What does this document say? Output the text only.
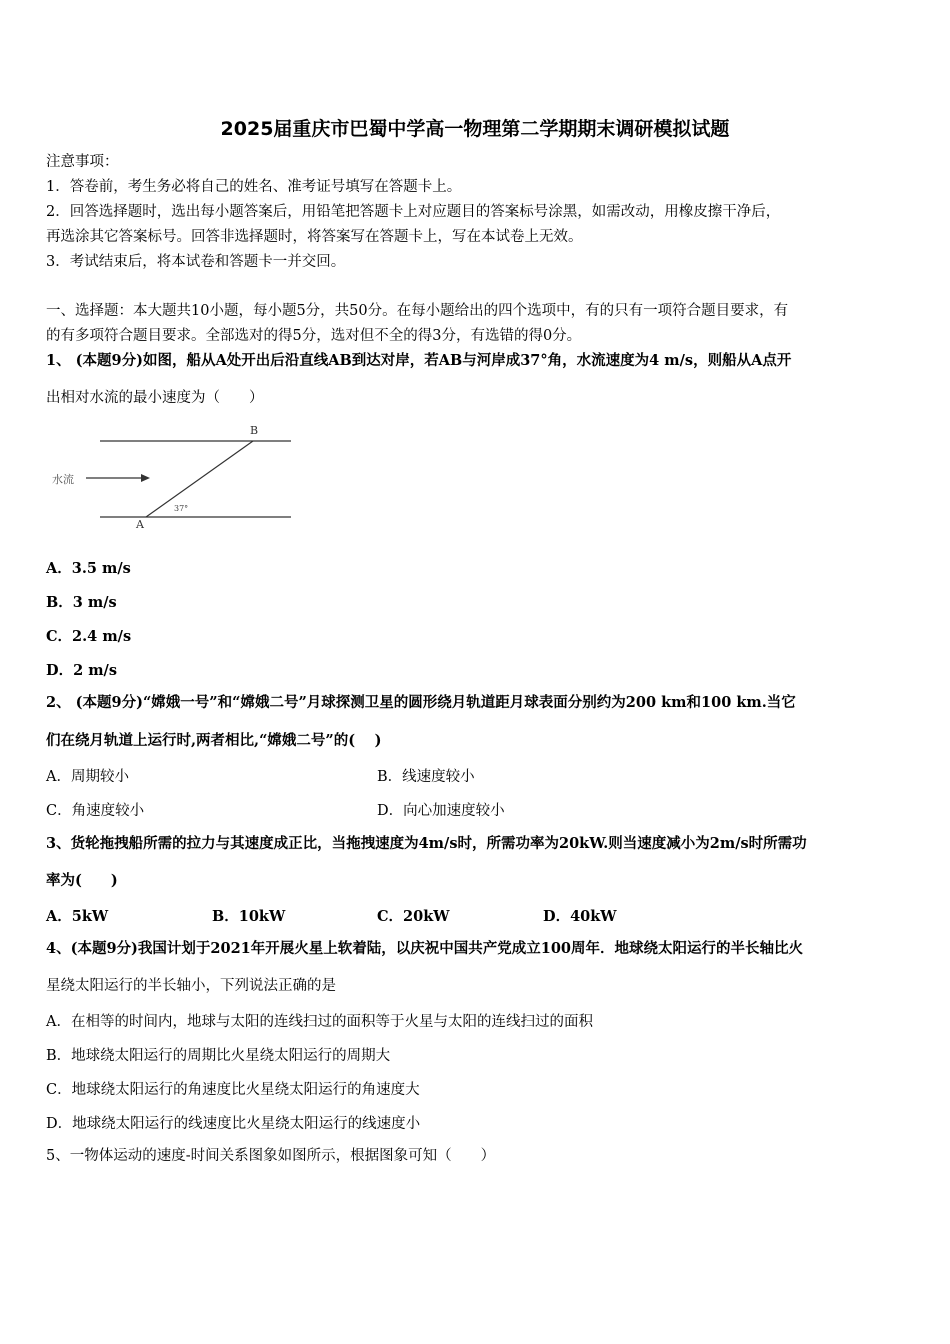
2025届重庆市巴蜀中学高一物理第二学期期末调研模拟试题
注意事项：
1．答卷前，考生务必将自己的姓名、准考证号填写在答题卡上。
2．回答选择题时，选出每小题答案后，用铅笔把答题卡上对应题目的答案标号涂黑，如需改动，用橡皮擦干净后，
再选涂其它答案标号。回答非选择题时，将答案写在答题卡上，写在本试卷上无效。
3．考试结束后，将本试卷和答题卡一并交回。
一、选择题：本大题共10小题，每小题5分，共50分。在每小题给出的四个选项中，有的只有一项符合题目要求，有
的有多项符合题目要求。全部选对的得5分，选对但不全的得3分，有选错的得0分。
1、 (本题9分)如图，船从A处开出后沿直线AB到达对岸，若AB与河岸成37°角，水流速度为4 m/s，则船从A点开
出相对水流的最小速度为（　　）
B
A
水流
37°
A．3.5 m/s
B．3 m/s
C．2.4 m/s
D．2 m/s
2、 (本题9分)“嫦娥一号”和“嫦娥二号”月球探测卫星的圆形绕月轨道距月球表面分别约为200 km和100 km.当它
们在绕月轨道上运行时,两者相比,“嫦娥二号”的(　 )
A．周期较小	B．线速度较小
C．角速度较小	D．向心加速度较小
3、货轮拖拽船所需的拉力与其速度成正比，当拖拽速度为4m/s时，所需功率为20kW.则当速度减小为2m/s时所需功
率为(　　)
A．5kW	B．10kW	C．20kW	D．40kW
4、(本题9分)我国计划于2021年开展火星上软着陆，以庆祝中国共产党成立100周年．地球绕太阳运行的半长轴比火
星绕太阳运行的半长轴小，下列说法正确的是
A．在相等的时间内，地球与太阳的连线扫过的面积等于火星与太阳的连线扫过的面积
B．地球绕太阳运行的周期比火星绕太阳运行的周期大
C．地球绕太阳运行的角速度比火星绕太阳运行的角速度大
D．地球绕太阳运行的线速度比火星绕太阳运行的线速度小
5、一物体运动的速度-时间关系图象如图所示，根据图象可知（　　）
